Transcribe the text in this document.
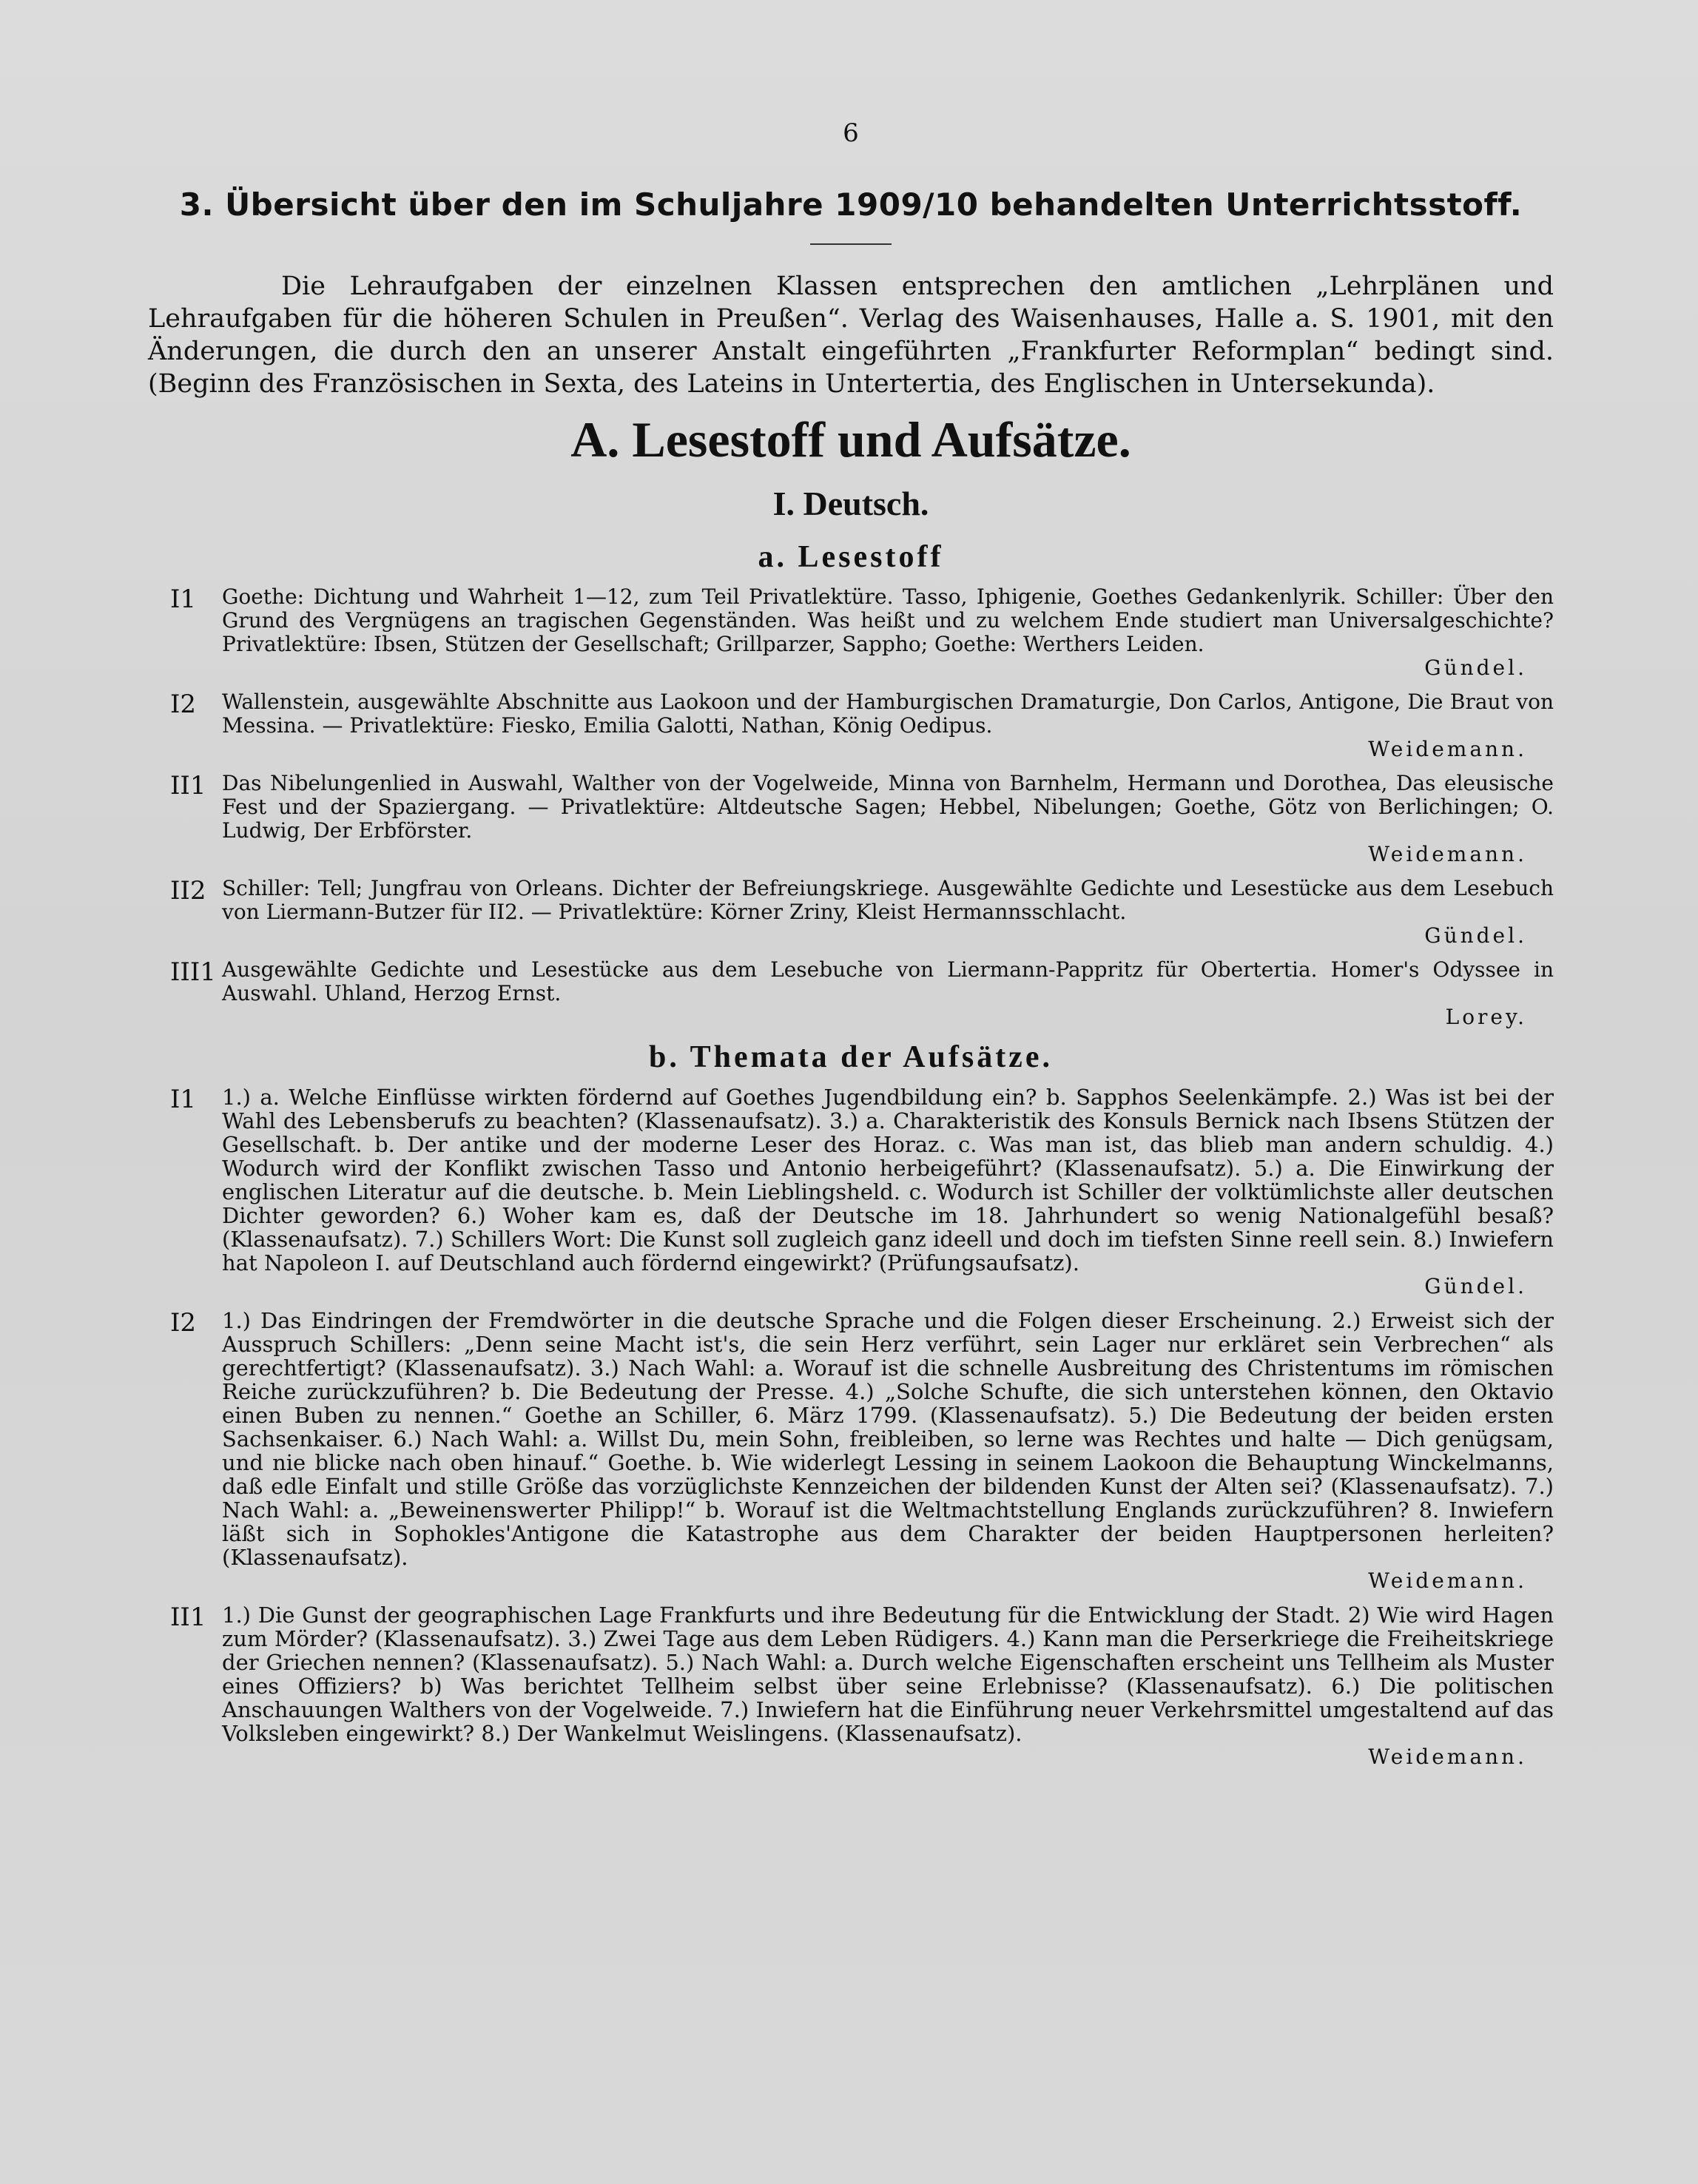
6
3. Übersicht über den im Schuljahre 1909/10 behandelten Unterrichtsstoff.

Die Lehraufgaben der einzelnen Klassen entsprechen den amtlichen „Lehrplänen und Lehraufgaben für die höheren Schulen in Preußen“. Verlag des Waisenhauses, Halle a. S. 1901, mit den Änderungen, die durch den an unserer Anstalt eingeführten „Frankfurter Reformplan“ bedingt sind. (Beginn des Französischen in Sexta, des Lateins in Untertertia, des Englischen in Untersekunda).

A. Lesestoff und Aufsätze.
I. Deutsch.
a. Lesestoff
I1 Goethe: Dichtung und Wahrheit 1—12, zum Teil Privatlektüre. Tasso, Iphigenie, Goethes Gedankenlyrik. Schiller: Über den Grund des Vergnügens an tragischen Gegenständen. Was heißt und zu welchem Ende studiert man Universalgeschichte? Privatlektüre: Ibsen, Stützen der Gesellschaft; Grillparzer, Sappho; Goethe: Werthers Leiden.

Gündel.
I2 Wallenstein, ausgewählte Abschnitte aus Laokoon und der Hamburgischen Dramaturgie, Don Carlos, Antigone, Die Braut von Messina. — Privatlektüre: Fiesko, Emilia Galotti, Nathan, König Oedipus.

Weidemann.
II1 Das Nibelungenlied in Auswahl, Walther von der Vogelweide, Minna von Barnhelm, Hermann und Dorothea, Das eleusische Fest und der Spaziergang. — Privatlektüre: Altdeutsche Sagen; Hebbel, Nibelungen; Goethe, Götz von Berlichingen; O. Ludwig, Der Erbförster.

Weidemann.
II2 Schiller: Tell; Jungfrau von Orleans. Dichter der Befreiungskriege. Ausgewählte Gedichte und Lesestücke aus dem Lesebuch von Liermann-Butzer für II2. — Privatlektüre: Körner Zriny, Kleist Hermannsschlacht.

Gündel.
III1 Ausgewählte Gedichte und Lesestücke aus dem Lesebuche von Liermann-Pappritz für Obertertia. Homer's Odyssee in Auswahl. Uhland, Herzog Ernst.

Lorey.
b. Themata der Aufsätze.
I1 1.) a. Welche Einflüsse wirkten fördernd auf Goethes Jugendbildung ein? b. Sapphos Seelenkämpfe. 2.) Was ist bei der Wahl des Lebensberufs zu beachten? (Klassenaufsatz). 3.) a. Charakteristik des Konsuls Bernick nach Ibsens Stützen der Gesellschaft. b. Der antike und der moderne Leser des Horaz. c. Was man ist, das blieb man andern schuldig. 4.) Wodurch wird der Konflikt zwischen Tasso und Antonio herbeigeführt? (Klassenaufsatz). 5.) a. Die Einwirkung der englischen Literatur auf die deutsche. b. Mein Lieblingsheld. c. Wodurch ist Schiller der volktümlichste aller deutschen Dichter geworden? 6.) Woher kam es, daß der Deutsche im 18. Jahrhundert so wenig Nationalgefühl besaß? (Klassenaufsatz). 7.) Schillers Wort: Die Kunst soll zugleich ganz ideell und doch im tiefsten Sinne reell sein. 8.) Inwiefern hat Napoleon I. auf Deutschland auch fördernd eingewirkt? (Prüfungsaufsatz).

Gündel.
I2 1.) Das Eindringen der Fremdwörter in die deutsche Sprache und die Folgen dieser Erscheinung. 2.) Erweist sich der Ausspruch Schillers: „Denn seine Macht ist's, die sein Herz verführt, sein Lager nur erkläret sein Verbrechen“ als gerechtfertigt? (Klassenaufsatz). 3.) Nach Wahl: a. Worauf ist die schnelle Ausbreitung des Christentums im römischen Reiche zurückzuführen? b. Die Bedeutung der Presse. 4.) „Solche Schufte, die sich unterstehen können, den Oktavio einen Buben zu nennen.“ Goethe an Schiller, 6. März 1799. (Klassenaufsatz). 5.) Die Bedeutung der beiden ersten Sachsenkaiser. 6.) Nach Wahl: a. Willst Du, mein Sohn, freibleiben, so lerne was Rechtes und halte — Dich genügsam, und nie blicke nach oben hinauf.“ Goethe. b. Wie widerlegt Lessing in seinem Laokoon die Behauptung Winckelmanns, daß edle Einfalt und stille Größe das vorzüglichste Kennzeichen der bildenden Kunst der Alten sei? (Klassenaufsatz). 7.) Nach Wahl: a. „Beweinenswerter Philipp!“ b. Worauf ist die Weltmachtstellung Englands zurückzuführen? 8. Inwiefern läßt sich in Sophokles'Antigone die Katastrophe aus dem Charakter der beiden Hauptpersonen herleiten? (Klassenaufsatz).

Weidemann.
II1 1.) Die Gunst der geographischen Lage Frankfurts und ihre Bedeutung für die Entwicklung der Stadt. 2) Wie wird Hagen zum Mörder? (Klassenaufsatz). 3.) Zwei Tage aus dem Leben Rüdigers. 4.) Kann man die Perserkriege die Freiheitskriege der Griechen nennen? (Klassenaufsatz). 5.) Nach Wahl: a. Durch welche Eigenschaften erscheint uns Tellheim als Muster eines Offiziers? b) Was berichtet Tellheim selbst über seine Erlebnisse? (Klassenaufsatz). 6.) Die politischen Anschauungen Walthers von der Vogelweide. 7.) Inwiefern hat die Einführung neuer Verkehrsmittel umgestaltend auf das Volksleben eingewirkt? 8.) Der Wankelmut Weislingens. (Klassenaufsatz).

Weidemann.
